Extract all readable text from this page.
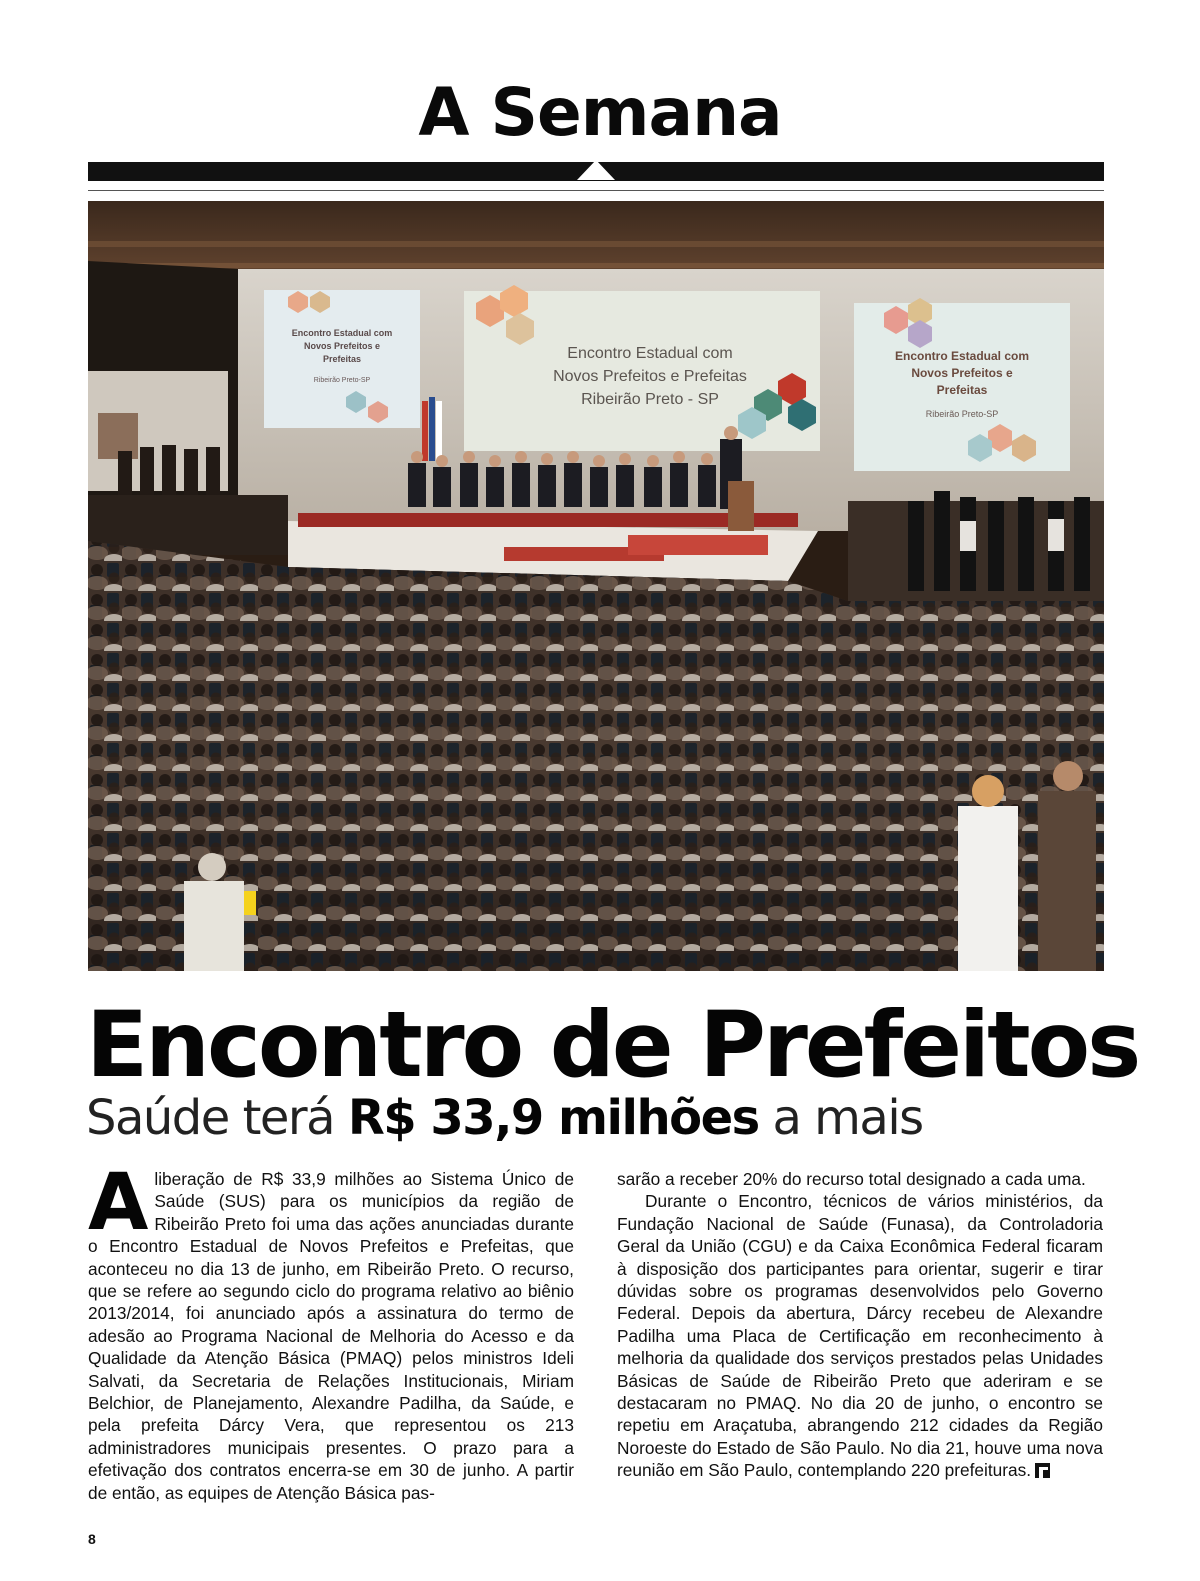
A Semana
Encontro Estadual com
Novos Prefeitos e
Prefeitas
Ribeirão Preto-SP
Encontro Estadual com
Novos Prefeitos e Prefeitas
Ribeirão Preto - SP
Encontro Estadual com
Novos Prefeitos e
Prefeitas
Ribeirão Preto-SP
Encontro de Prefeitos
Saúde terá R$ 33,9 milhões a mais
A liberação de R$ 33,9 milhões ao Sistema Único de Saúde (SUS) para os municípios da região de Ribeirão Preto foi uma das ações anunciadas durante o Encontro Estadual de Novos Prefeitos e Prefeitas, que aconteceu no dia 13 de junho, em Ribeirão Preto. O recurso, que se refere ao segundo ciclo do programa relativo ao biênio 2013/2014, foi anunciado após a assinatura do termo de adesão ao Programa Nacional de Melhoria do Acesso e da Qualidade da Atenção Básica (PMAQ) pelos ministros Ideli Salvati, da Secretaria de Relações Institucionais, Miriam Belchior, de Planejamento, Alexandre Padilha, da Saúde, e pela prefeita Dárcy Vera, que representou os 213 administradores municipais presentes. O prazo para a efetivação dos contratos encerra-se em 30 de junho. A partir de então, as equipes de Atenção Básica pas-
sarão a receber 20% do recurso total designado a cada uma.
Durante o Encontro, técnicos de vários ministérios, da Fundação Nacional de Saúde (Funasa), da Controladoria Geral da União (CGU) e da Caixa Econômica Federal ficaram à disposição dos participantes para orientar, sugerir e tirar dúvidas sobre os programas desenvolvidos pelo Governo Federal. Depois da abertura, Dárcy recebeu de Alexandre Padilha uma Placa de Certificação em reconhecimento à melhoria da qualidade dos serviços prestados pelas Unidades Básicas de Saúde de Ribeirão Preto que aderiram e se destacaram no PMAQ. No dia 20 de junho, o encontro se repetiu em Araçatuba, abrangendo 212 cidades da Região Noroeste do Estado de São Paulo. No dia 21, houve uma nova reunião em São Paulo, contemplando 220 prefeituras.
8
